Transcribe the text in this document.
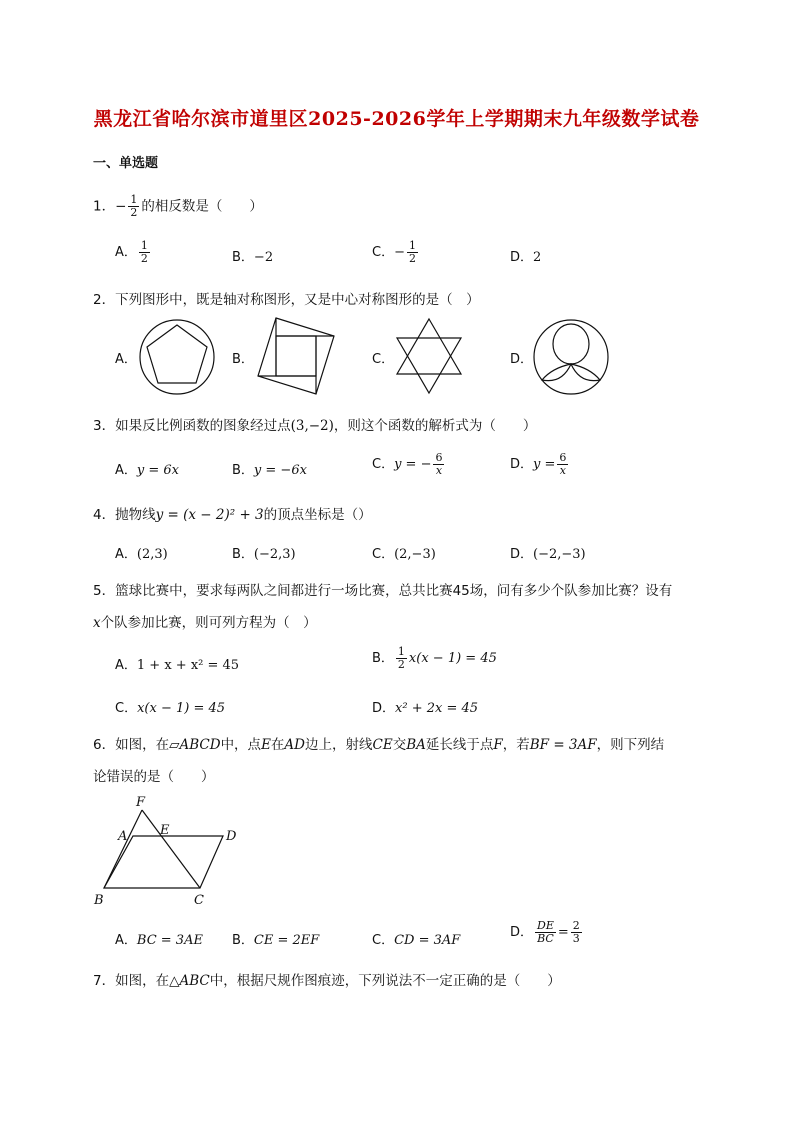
黑龙江省哈尔滨市道里区2025-2026学年上学期期末九年级数学试卷
一、单选题
1．− $\frac{1}{2}$ 的相反数是（　　）
A． $\frac{1}{2}$	B．−2	C．− $\frac{1}{2}$	D．2
2．下列图形中，既是轴对称图形，又是中心对称图形的是（　）
A．	B．	C．	D．
3．如果反比例函数的图象经过点(3,−2)，则这个函数的解析式为（　　）
A．y = 6x	B．y = −6x	C．y = − $\frac{6}{x}$	D．$y = \frac{6}{x}$
4．抛物线y = (x − 2)² + 3的顶点坐标是（）
A．(2,3)	B．(−2,3)	C．(2,−3)	D．(−2,−3)
5．篮球比赛中，要求每两队之间都进行一场比赛，总共比赛45场，问有多少个队参加比赛？设有
x个队参加比赛，则可列方程为（　）
A．1 + x + x² = 45	B． $\frac{1}{2} x(x - 1) = 45$
C．x(x − 1) = 45	D．x² + 2x = 45
6．如图，在▱ABCD中，点E在AD边上，射线CE交BA延长线于点F，若BF = 3AF，则下列结
论错误的是（　　）
F
A	E	D
B	C
A．BC = 3AE B．CE = 2EF	C．CD = 3AF
D． $\frac{DE}{BC} = \frac{2}{3}$
7．如图，在△ABC中，根据尺规作图痕迹，下列说法不一定正确的是（　　）
